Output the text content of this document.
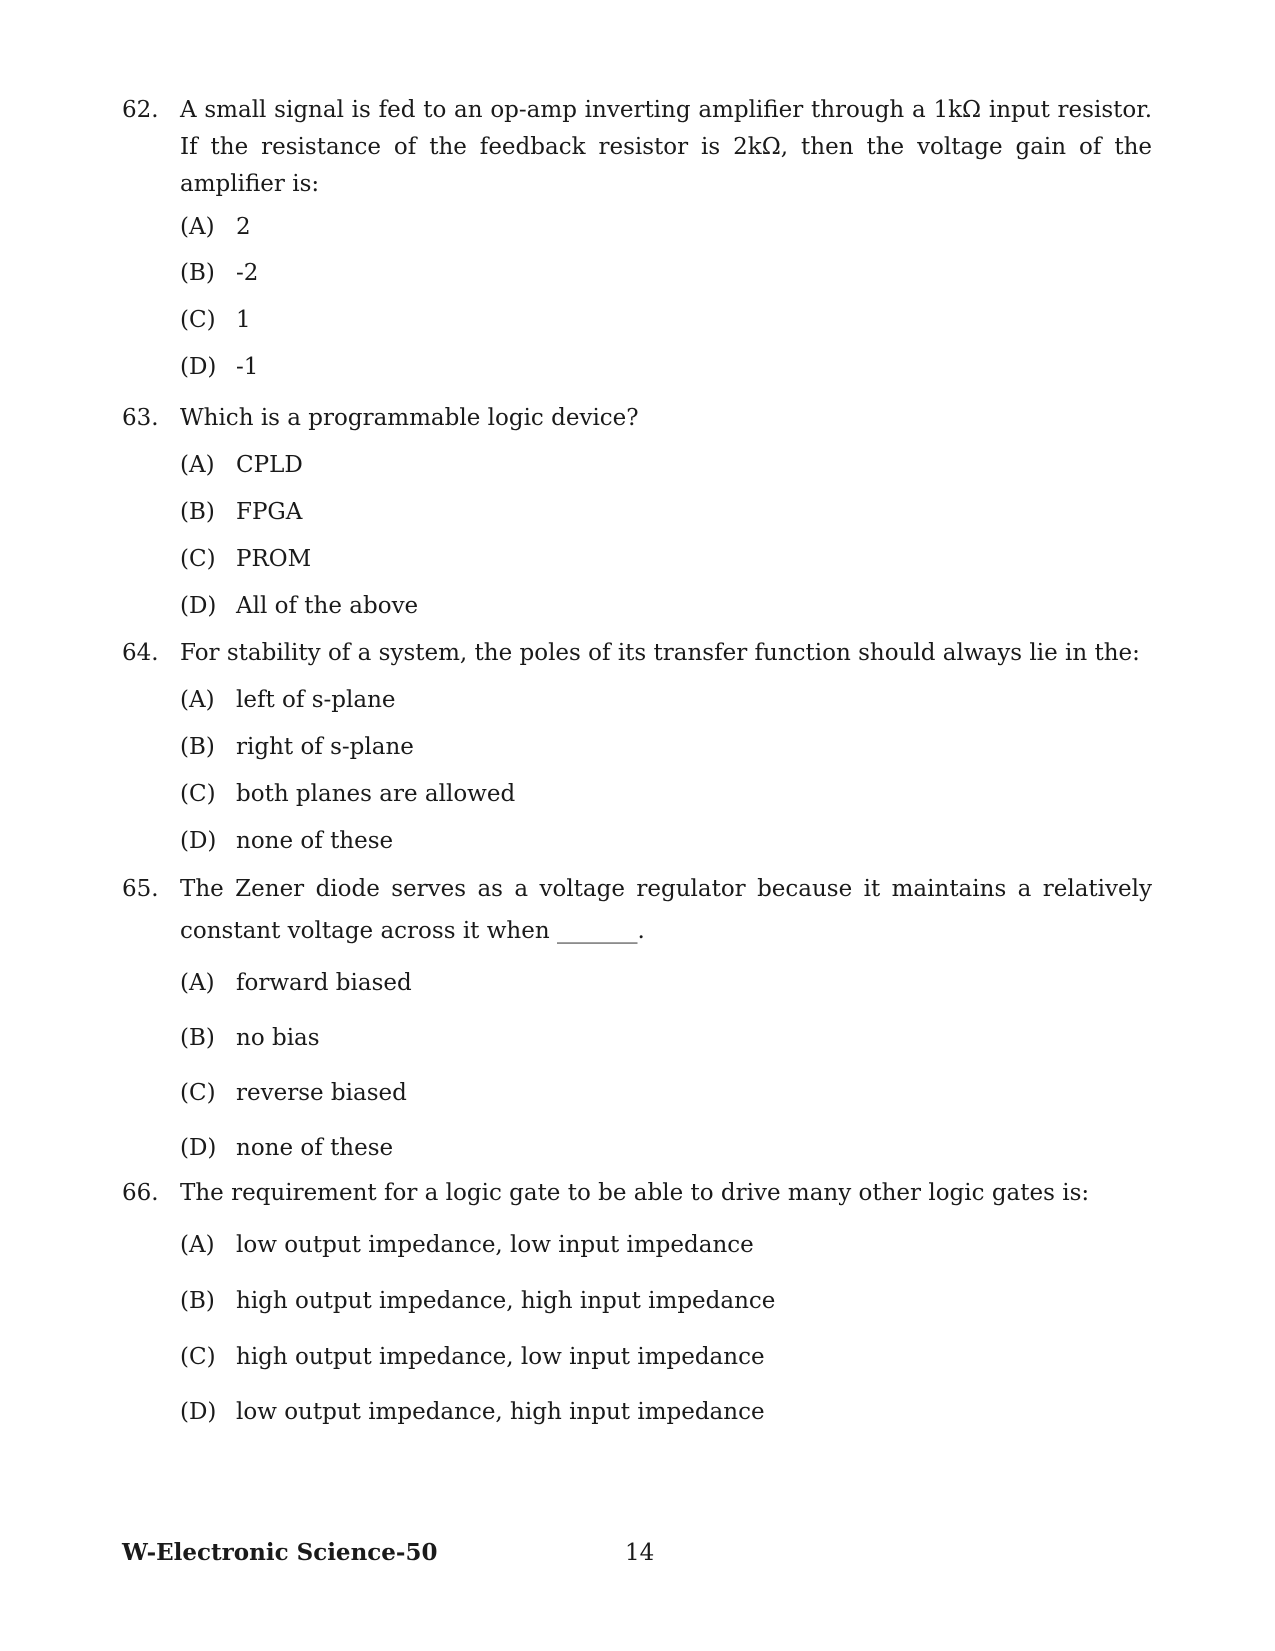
62. A small signal is fed to an op-amp inverting amplifier through a 1kΩ input resistor. If the resistance of the feedback resistor is 2kΩ, then the voltage gain of the amplifier is:
(A) 2
(B) -2
(C) 1
(D) -1
63. Which is a programmable logic device?
(A) CPLD
(B) FPGA
(C) PROM
(D) All of the above
64. For stability of a system, the poles of its transfer function should always lie in the:
(A) left of s-plane
(B) right of s-plane
(C) both planes are allowed
(D) none of these
65. The Zener diode serves as a voltage regulator because it maintains a relatively constant voltage across it when _______.
(A) forward biased
(B) no bias
(C) reverse biased
(D) none of these
66. The requirement for a logic gate to be able to drive many other logic gates is:
(A) low output impedance, low input impedance
(B) high output impedance, high input impedance
(C) high output impedance, low input impedance
(D) low output impedance, high input impedance
W-Electronic Science-50	14
